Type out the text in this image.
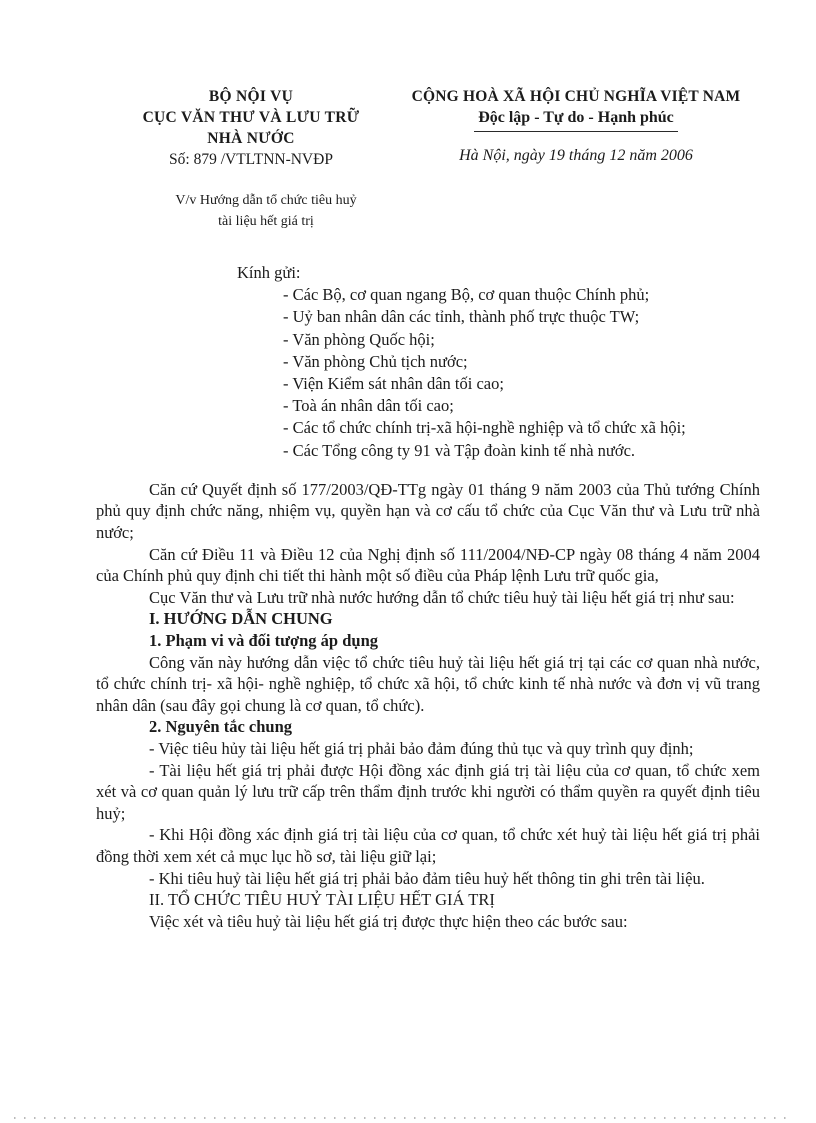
BỘ NỘI VỤ
CỤC VĂN THƯ VÀ LƯU TRỮ
NHÀ NƯỚC
Số: 879 /VTLTNN-NVĐP
V/v Hướng dẫn tổ chức tiêu huỷ
tài liệu hết giá trị
CỘNG HOÀ XÃ HỘI CHỦ NGHĨA VIỆT NAM
Độc lập - Tự do - Hạnh phúc
Hà Nội, ngày 19 tháng 12 năm 2006
Kính gửi:
- Các Bộ, cơ quan ngang Bộ, cơ quan thuộc Chính phủ;
- Uỷ ban nhân dân các tỉnh, thành phố trực thuộc TW;
- Văn phòng Quốc hội;
- Văn phòng Chủ tịch nước;
- Viện Kiểm sát nhân dân tối cao;
- Toà án nhân dân tối cao;
- Các tổ chức chính trị-xã hội-nghề nghiệp và tổ chức xã hội;
- Các Tổng công ty 91 và Tập đoàn kinh tế nhà nước.

Căn cứ Quyết định số 177/2003/QĐ-TTg ngày 01 tháng 9 năm 2003 của Thủ tướng Chính phủ quy định chức năng, nhiệm vụ, quyền hạn và cơ cấu tổ chức của Cục Văn thư và Lưu trữ nhà nước;

Căn cứ Điều 11 và Điều 12 của Nghị định số 111/2004/NĐ-CP ngày 08 tháng 4 năm 2004 của Chính phủ quy định chi tiết thi hành một số điều của Pháp lệnh Lưu trữ quốc gia,

Cục Văn thư và Lưu trữ nhà nước hướng dẫn tổ chức tiêu huỷ tài liệu hết giá trị như sau:

I. HƯỚNG DẪN CHUNG

1. Phạm vi và đối tượng áp dụng

Công văn này hướng dẫn việc tổ chức tiêu huỷ tài liệu hết giá trị tại các cơ quan nhà nước, tổ chức chính trị- xã hội- nghề nghiệp, tổ chức xã hội, tổ chức kinh tế nhà nước và đơn vị vũ trang nhân dân (sau đây gọi chung là cơ quan, tổ chức).

2. Nguyên tắc chung

- Việc tiêu hủy tài liệu hết giá trị phải bảo đảm đúng thủ tục và quy trình quy định;

- Tài liệu hết giá trị phải được Hội đồng xác định giá trị tài liệu của cơ quan, tổ chức xem xét và cơ quan quản lý lưu trữ cấp trên thẩm định trước khi người có thẩm quyền ra quyết định tiêu huỷ;

- Khi Hội đồng xác định giá trị tài liệu của cơ quan, tổ chức xét huỷ tài liệu hết giá trị phải đồng thời xem xét cả mục lục hồ sơ, tài liệu giữ lại;

- Khi tiêu huỷ tài liệu hết giá trị phải bảo đảm tiêu huỷ hết thông tin ghi trên tài liệu.

II. TỔ CHỨC TIÊU HUỶ TÀI LIỆU HẾT GIÁ TRỊ

Việc xét và tiêu huỷ tài liệu hết giá trị được thực hiện theo các bước sau:
